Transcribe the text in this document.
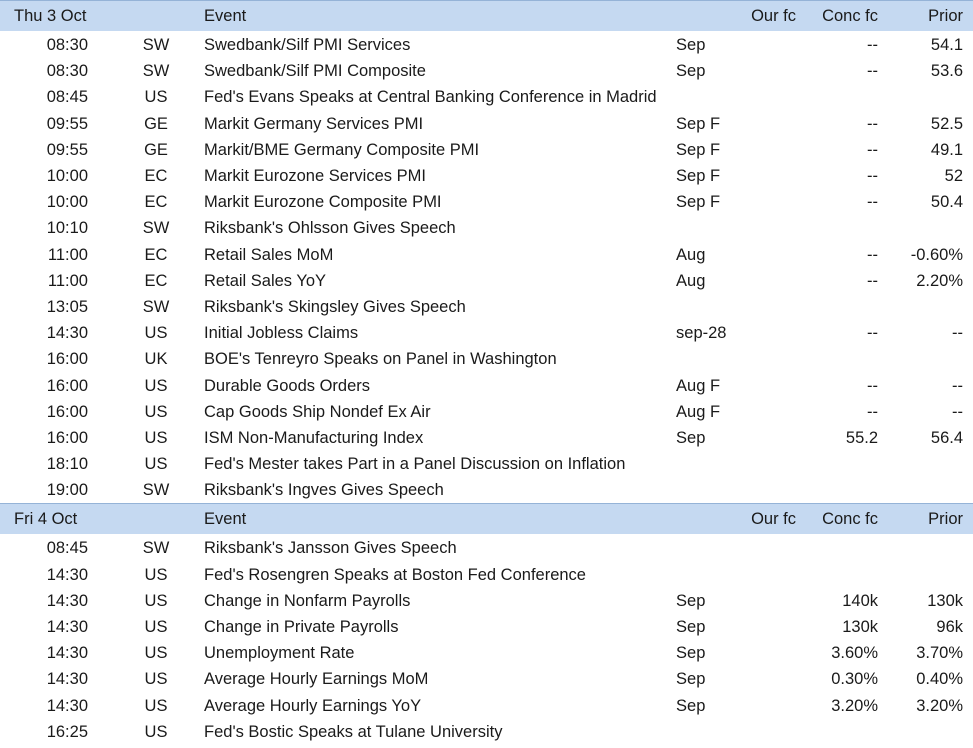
Thu 3 Oct		Event		Our fc	Conc fc	Prior
08:30	SW	Swedbank/Silf PMI Services	Sep		--	54.1
08:30	SW	Swedbank/Silf PMI Composite	Sep		--	53.6
08:45	US	Fed's Evans Speaks at Central Banking Conference in Madrid				
09:55	GE	Markit Germany Services PMI	Sep F		--	52.5
09:55	GE	Markit/BME Germany Composite PMI	Sep F		--	49.1
10:00	EC	Markit Eurozone Services PMI	Sep F		--	52
10:00	EC	Markit Eurozone Composite PMI	Sep F		--	50.4
10:10	SW	Riksbank's Ohlsson Gives Speech				
11:00	EC	Retail Sales MoM	Aug		--	-0.60%
11:00	EC	Retail Sales YoY	Aug		--	2.20%
13:05	SW	Riksbank's Skingsley Gives Speech				
14:30	US	Initial Jobless Claims	sep-28		--	--
16:00	UK	BOE's Tenreyro Speaks on Panel in Washington				
16:00	US	Durable Goods Orders	Aug F		--	--
16:00	US	Cap Goods Ship Nondef Ex Air	Aug F		--	--
16:00	US	ISM Non-Manufacturing Index	Sep		55.2	56.4
18:10	US	Fed's Mester takes Part in a Panel Discussion on Inflation				
19:00	SW	Riksbank's Ingves Gives Speech				
Fri 4 Oct		Event		Our fc	Conc fc	Prior
08:45	SW	Riksbank's Jansson Gives Speech				
14:30	US	Fed's Rosengren Speaks at Boston Fed Conference				
14:30	US	Change in Nonfarm Payrolls	Sep		140k	130k
14:30	US	Change in Private Payrolls	Sep		130k	96k
14:30	US	Unemployment Rate	Sep		3.60%	3.70%
14:30	US	Average Hourly Earnings MoM	Sep		0.30%	0.40%
14:30	US	Average Hourly Earnings YoY	Sep		3.20%	3.20%
16:25	US	Fed's Bostic Speaks at Tulane University				
